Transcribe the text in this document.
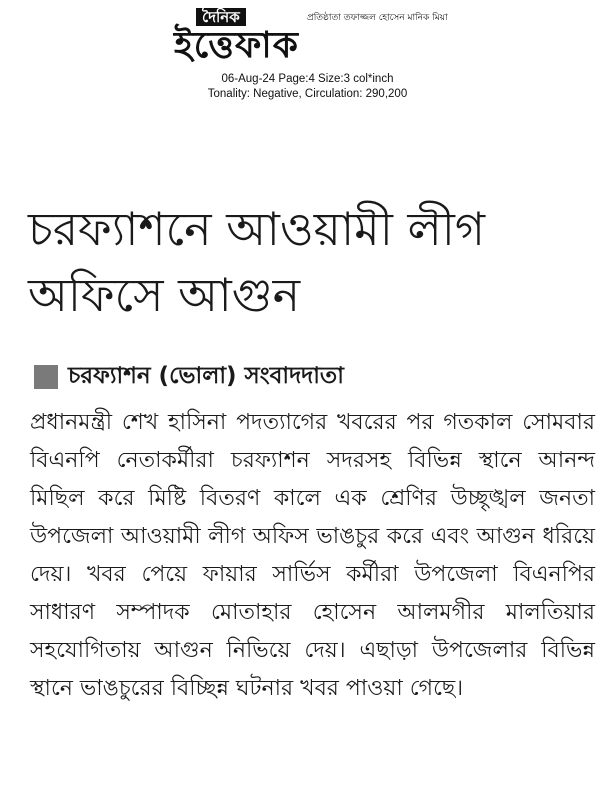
দৈনিক	প্রতিষ্ঠাতা তফাজ্জল হোসেন মানিক মিয়া
ইত্তেফাক
06-Aug-24 Page:4 Size:3 col*inch
Tonality: Negative, Circulation: 290,200
চরফ্যাশনে আওয়ামী লীগ অফিসে আগুন
চরফ্যাশন (ভোলা) সংবাদদাতা
প্রধানমন্ত্রী শেখ হাসিনা পদত্যাগের খবরের পর গতকাল সোমবার বিএনপি নেতাকর্মীরা চরফ্যাশন সদরসহ বিভিন্ন স্থানে আনন্দ মিছিল করে মিষ্টি বিতরণ কালে এক শ্রেণির উচ্ছৃঙ্খল জনতা উপজেলা আওয়ামী লীগ অফিস ভাঙচুর করে এবং আগুন ধরিয়ে দেয়। খবর পেয়ে ফায়ার সার্ভিস কর্মীরা উপজেলা বিএনপির সাধারণ সম্পাদক মোতাহার হোসেন আলমগীর মালতিয়ার সহযোগিতায় আগুন নিভিয়ে দেয়। এছাড়া উপজেলার বিভিন্ন স্থানে ভাঙচুরের বিচ্ছিন্ন ঘটনার খবর পাওয়া গেছে।
